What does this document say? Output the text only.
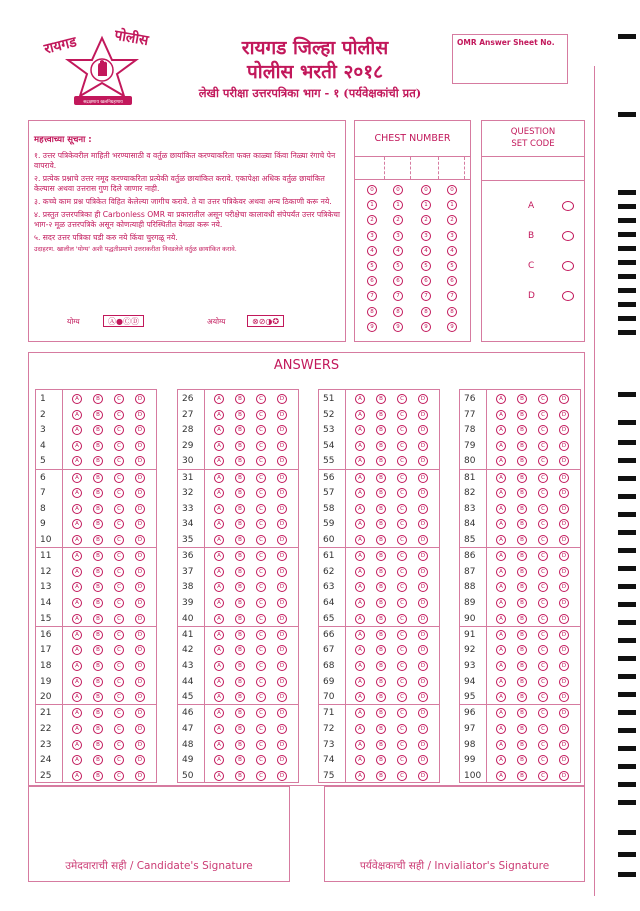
रायगड पोलीस
सद्रक्षणाय खलनिग्रहणाय
रायगड जिल्हा पोलीस
पोलीस भरती २०१८
लेखी परीक्षा उत्तरपत्रिका भाग - १ (पर्यवेक्षकांची प्रत)
OMR Answer Sheet No.
महत्त्वाच्या सूचना :

१. उत्तर पत्रिकेवरील माहिती भरण्यासाठी व वर्तुळ छायांकित करण्याकरिता फक्त काळ्या किंवा निळ्या रंगाचे पेन वापरावे.

२. प्रत्येक प्रश्नाचे उत्तर नमूद करण्याकरिता प्रत्येकी वर्तुळ छायांकित करावे. एकापेक्षा अधिक वर्तुळ छायांकित केल्यास अथवा उत्तरास गुण दिले जाणार नाही.

३. कच्चे काम प्रश्न पत्रिकेत विहित केलेल्या जागीच करावे. ते या उत्तर पत्रिकेवर अथवा अन्य ठिकाणी करू नये.

४. प्रस्तुत उत्तरपत्रिका ही Carbonless OMR या प्रकारातील असून परीक्षेचा कालावधी संपेपर्यंत उत्तर पत्रिकेचा भाग-२ मूळ उत्तरपत्रिके असून कोणत्याही परिस्थितीत वेगळा करू नये.

५. सदर उत्तर पत्रिका घडी करु नये किंवा चुरगळू नये.

उदाहरण. खालील 'योग्य' अशी पद्धतीप्रमाणे उत्तराकरीता निवडलेले वर्तुळ छायांकित करावे.
योग्य	Ⓐ●ⒸⒹ	अयोग्य	⊗⊘◑✪
CHEST NUMBER
0	0	0	0
1	1	1	1
2	2	2	2
3	3	3	3
4	4	4	4
5	5	5	5
6	6	6	6
7	7	7	7
8	8	8	8
9	9	9	9
QUESTION
SET CODE
A
B
C
D
ANSWERS
1	A	B	C	D
2	A	B	C	D
3	A	B	C	D
4	A	B	C	D
5	A	B	C	D
6	A	B	C	D
7	A	B	C	D
8	A	B	C	D
9	A	B	C	D
10	A	B	C	D
11	A	B	C	D
12	A	B	C	D
13	A	B	C	D
14	A	B	C	D
15	A	B	C	D
16	A	B	C	D
17	A	B	C	D
18	A	B	C	D
19	A	B	C	D
20	A	B	C	D
21	A	B	C	D
22	A	B	C	D
23	A	B	C	D
24	A	B	C	D
25	A	B	C	D
26	A	B	C	D
27	A	B	C	D
28	A	B	C	D
29	A	B	C	D
30	A	B	C	D
31	A	B	C	D
32	A	B	C	D
33	A	B	C	D
34	A	B	C	D
35	A	B	C	D
36	A	B	C	D
37	A	B	C	D
38	A	B	C	D
39	A	B	C	D
40	A	B	C	D
41	A	B	C	D
42	A	B	C	D
43	A	B	C	D
44	A	B	C	D
45	A	B	C	D
46	A	B	C	D
47	A	B	C	D
48	A	B	C	D
49	A	B	C	D
50	A	B	C	D
51	A	B	C	D
52	A	B	C	D
53	A	B	C	D
54	A	B	C	D
55	A	B	C	D
56	A	B	C	D
57	A	B	C	D
58	A	B	C	D
59	A	B	C	D
60	A	B	C	D
61	A	B	C	D
62	A	B	C	D
63	A	B	C	D
64	A	B	C	D
65	A	B	C	D
66	A	B	C	D
67	A	B	C	D
68	A	B	C	D
69	A	B	C	D
70	A	B	C	D
71	A	B	C	D
72	A	B	C	D
73	A	B	C	D
74	A	B	C	D
75	A	B	C	D
76	A	B	C	D
77	A	B	C	D
78	A	B	C	D
79	A	B	C	D
80	A	B	C	D
81	A	B	C	D
82	A	B	C	D
83	A	B	C	D
84	A	B	C	D
85	A	B	C	D
86	A	B	C	D
87	A	B	C	D
88	A	B	C	D
89	A	B	C	D
90	A	B	C	D
91	A	B	C	D
92	A	B	C	D
93	A	B	C	D
94	A	B	C	D
95	A	B	C	D
96	A	B	C	D
97	A	B	C	D
98	A	B	C	D
99	A	B	C	D
100	A	B	C	D
उमेदवाराची सही / Candidate's Signature	पर्यवेक्षकाची सही / Invialiator's Signature
